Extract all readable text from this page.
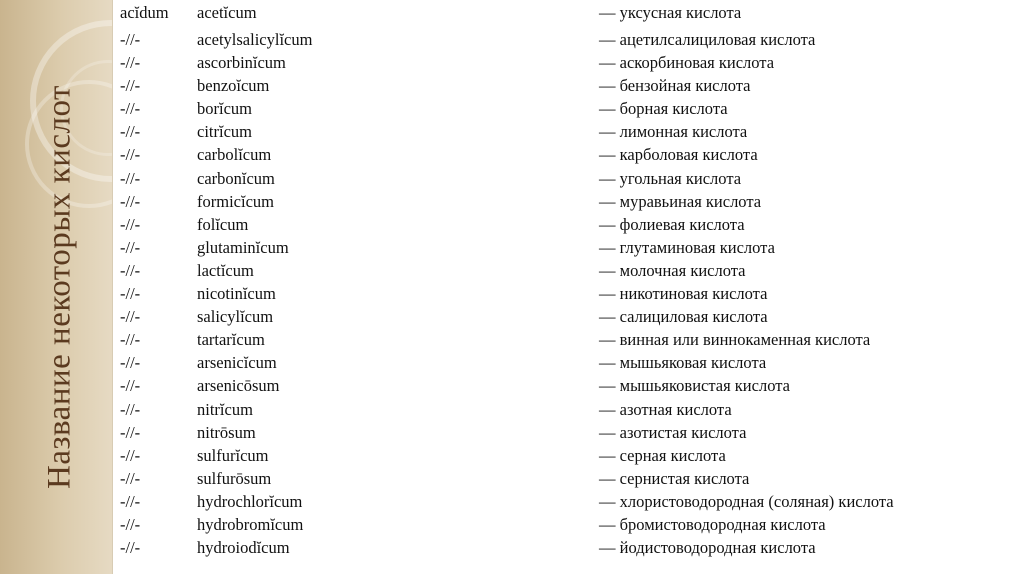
Название некоторых кислот
acĭdum acetĭcum	— уксусная кислота
-//-	acetylsalicylĭcum	— ацетилсалициловая кислота
-//-	ascorbinĭcum	— аскорбиновая кислота
-//-	benzoĭcum	— бензойная кислота
-//-	borĭcum	— борная кислота
-//-	citrĭcum	— лимонная кислота
-//-	carbolĭcum	— карболовая кислота
-//-	carbonĭcum	— угольная кислота
-//-	formicĭcum	— муравьиная кислота
-//-	folĭcum	— фолиевая кислота
-//-	glutaminĭcum	— глутаминовая кислота
-//-	lactĭcum	— молочная кислота
-//-	nicotinĭcum	— никотиновая кислота
-//-	salicylĭcum	— салициловая кислота
-//-	tartarĭcum	— винная или виннокаменная кислота
-//-	arsenicĭcum	— мышьяковая кислота
-//-	arsenicōsum	— мышьяковистая кислота
-//-	nitrĭcum	— азотная кислота
-//-	nitrōsum	— азотистая кислота
-//-	sulfurĭcum	— серная кислота
-//-	sulfurōsum	— сернистая кислота
-//-	hydrochlorĭcum	— хлористоводородная (соляная) кислота
-//-	hydrobromĭcum	— бромистоводородная кислота
-//-	hydroiodĭcum	— йодистоводородная кислота
